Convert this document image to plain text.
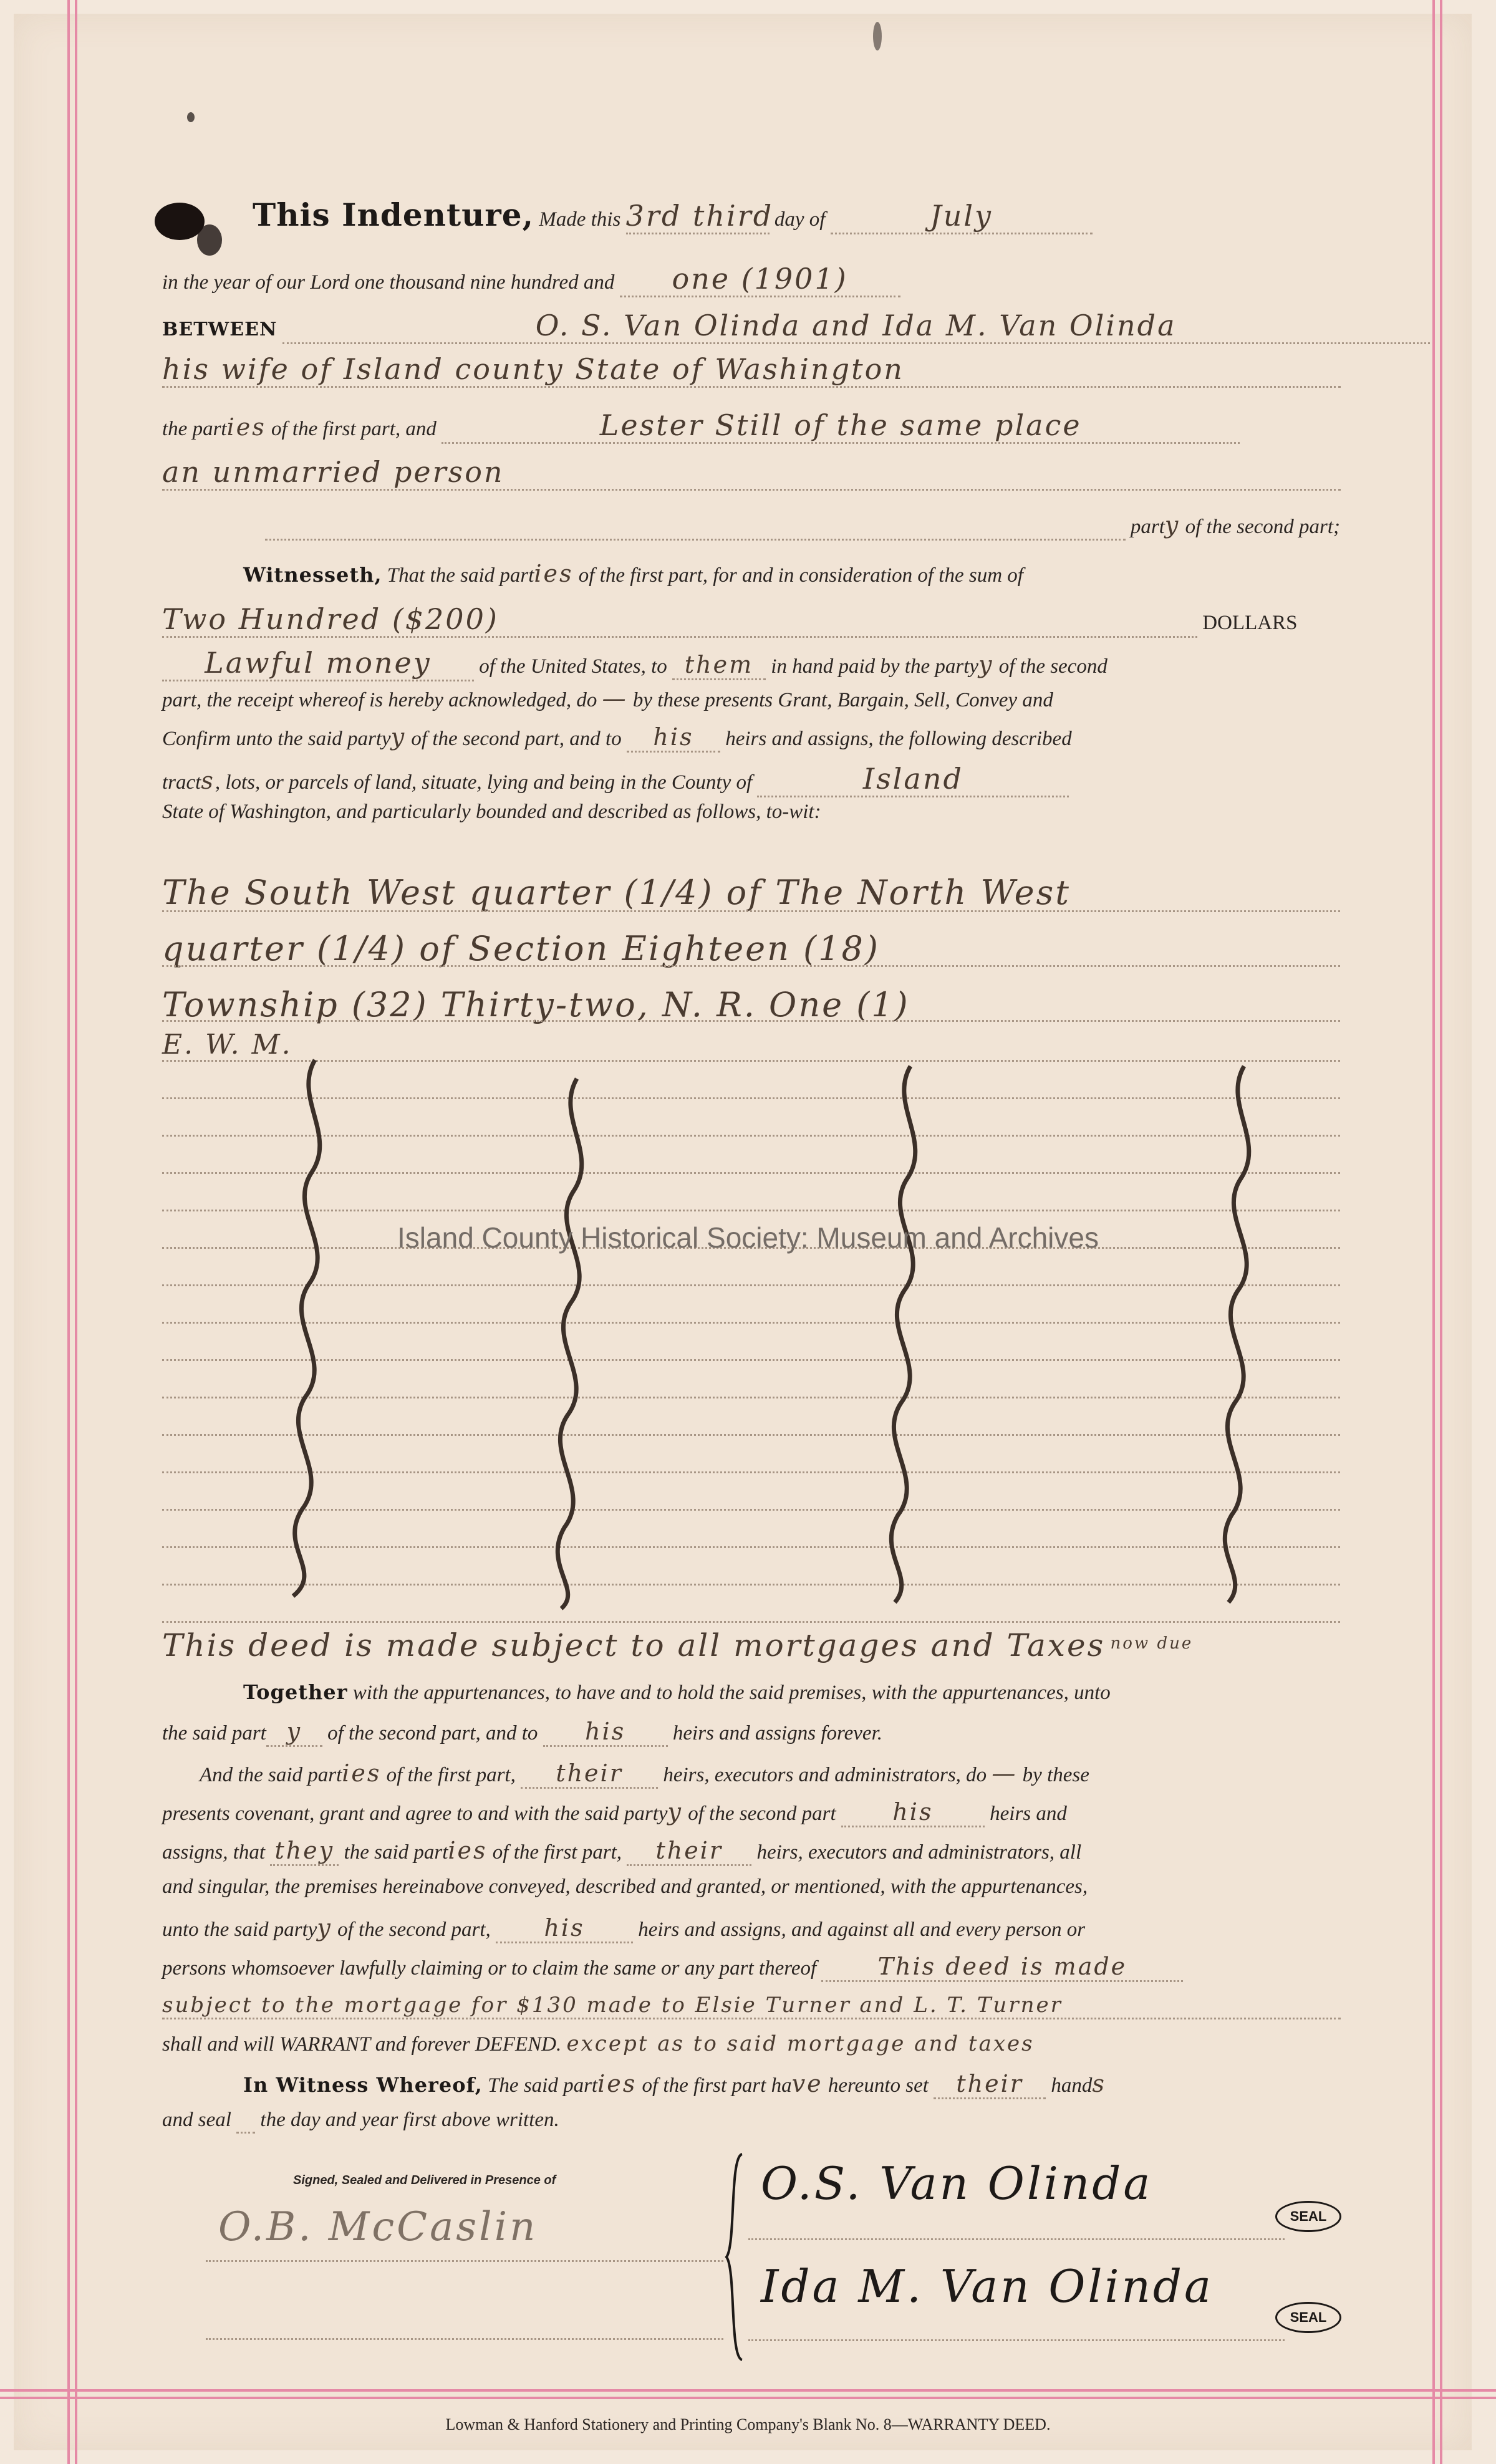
This Indenture, Made this 3rd third day of	July
in the year of our Lord one thousand nine hundred and one (1901)
BETWEEN	O. S. Van Olinda and Ida M. Van Olinda
his wife of Island county State of Washington
the parties of the first part, and	Lester Still of the same place
an unmarried person
party of the second part;
Witnesseth, That the said parties of the first part, for and in consideration of the sum of
Two Hundred ($200)	DOLLARS
Lawful money of the United States, to them in hand paid by the partyy of the second
part, the receipt whereof is hereby acknowledged, do — by these presents Grant, Bargain, Sell, Convey and
Confirm unto the said partyy of the second part, and to his heirs and assigns, the following described
tracts, lots, or parcels of land, situate, lying and being in the County of	Island
State of Washington, and particularly bounded and described as follows, to-wit:
The South West quarter (1/4) of The North West
quarter (1/4) of Section Eighteen (18)
Township (32) Thirty-two, N. R. One (1)
E. W. M.
Island County Historical Society: Museum and Archives
This deed is made subject to all mortgages and Taxes $^{now due}$
Together with the appurtenances, to have and to hold the said premises, with the appurtenances, unto
the said part y of the second part, and to his heirs and assigns forever.
And the said parties of the first part, their heirs, executors and administrators, do — by these
presents covenant, grant and agree to and with the said partyy of the second part his	heirs and
assigns, that they the said parties of the first part, their heirs, executors and administrators, all
and singular, the premises hereinabove conveyed, described and granted, or mentioned, with the appurtenances,
unto the said partyy of the second part, his	heirs and assigns, and against all and every person or
persons whomsoever lawfully claiming or to claim the same or any part thereof	This deed is made
subject to the mortgage for $130 made to Elsie Turner and L. T. Turner
shall and will WARRANT and forever DEFEND. except as to said mortgage and taxes
In Witness Whereof, The said parties of the first part have hereunto set their hands
and seal the day and year first above written.
Signed, Sealed and Delivered in Presence of
O.B. McCaslin
O.S. Van Olinda
SEAL
Ida M. Van Olinda
SEAL
Lowman & Hanford Stationery and Printing Company's Blank No. 8—WARRANTY DEED.
